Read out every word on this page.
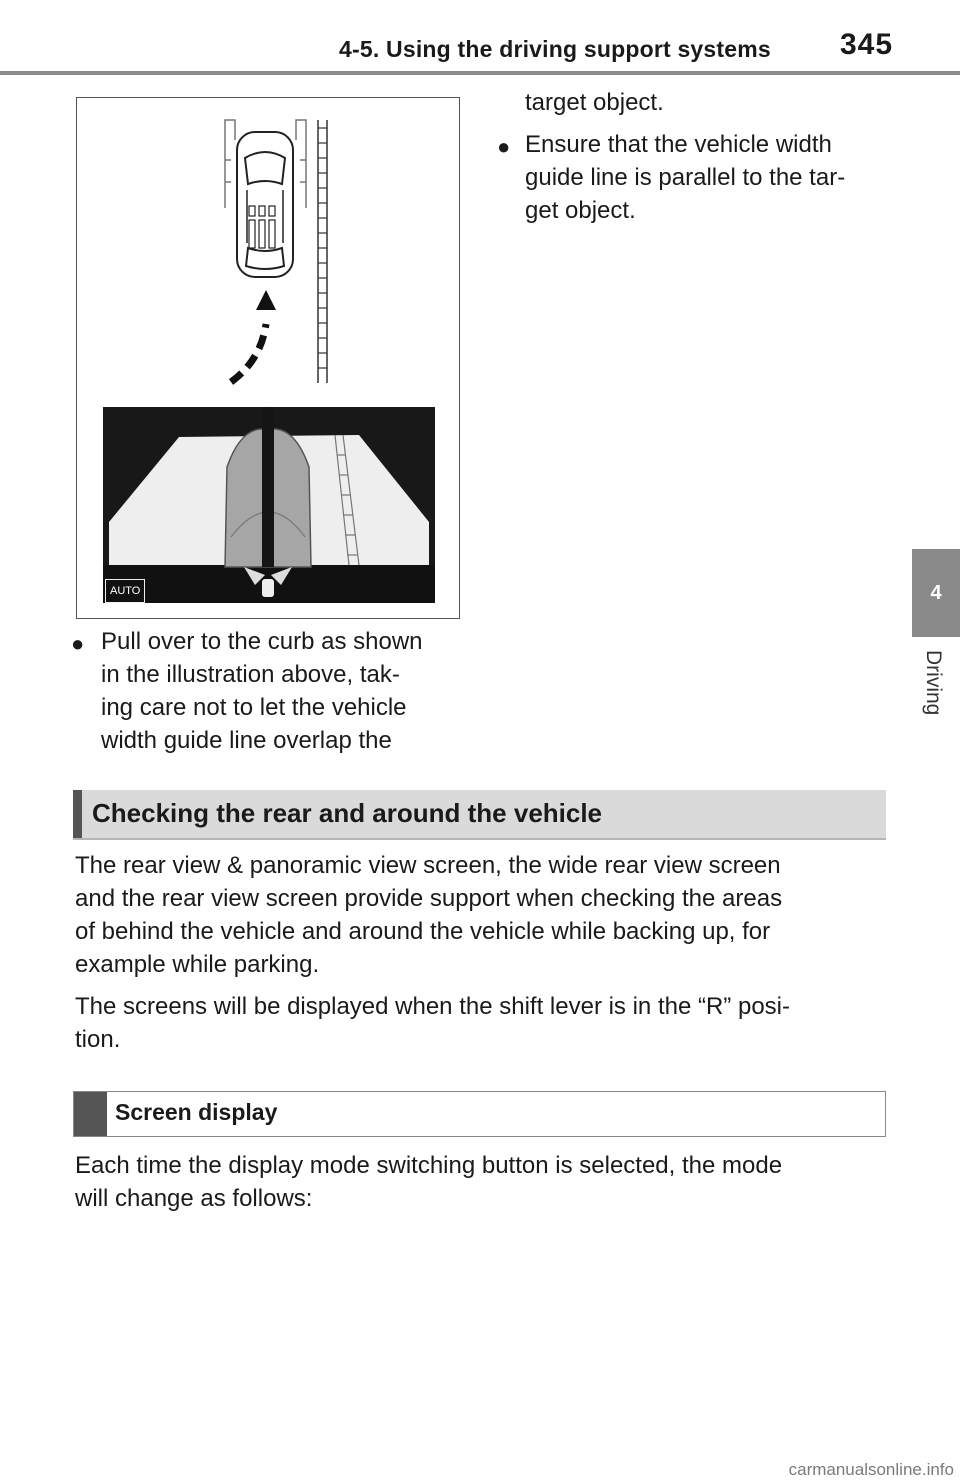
4-5. Using the driving support systems 345
4
Driving
AUTO
● Pull over to the curb as shown
in the illustration above, tak-
ing care not to let the vehicle
width guide line overlap the
target object.
● Ensure that the vehicle width
guide line is parallel to the tar-
get object.
Checking the rear and around the vehicle
The rear view & panoramic view screen, the wide rear view screen
and the rear view screen provide support when checking the areas
of behind the vehicle and around the vehicle while backing up, for
example while parking.
The screens will be displayed when the shift lever is in the “R” posi-
tion.
Screen display
Each time the display mode switching button is selected, the mode
will change as follows:
carmanualsonline.info
